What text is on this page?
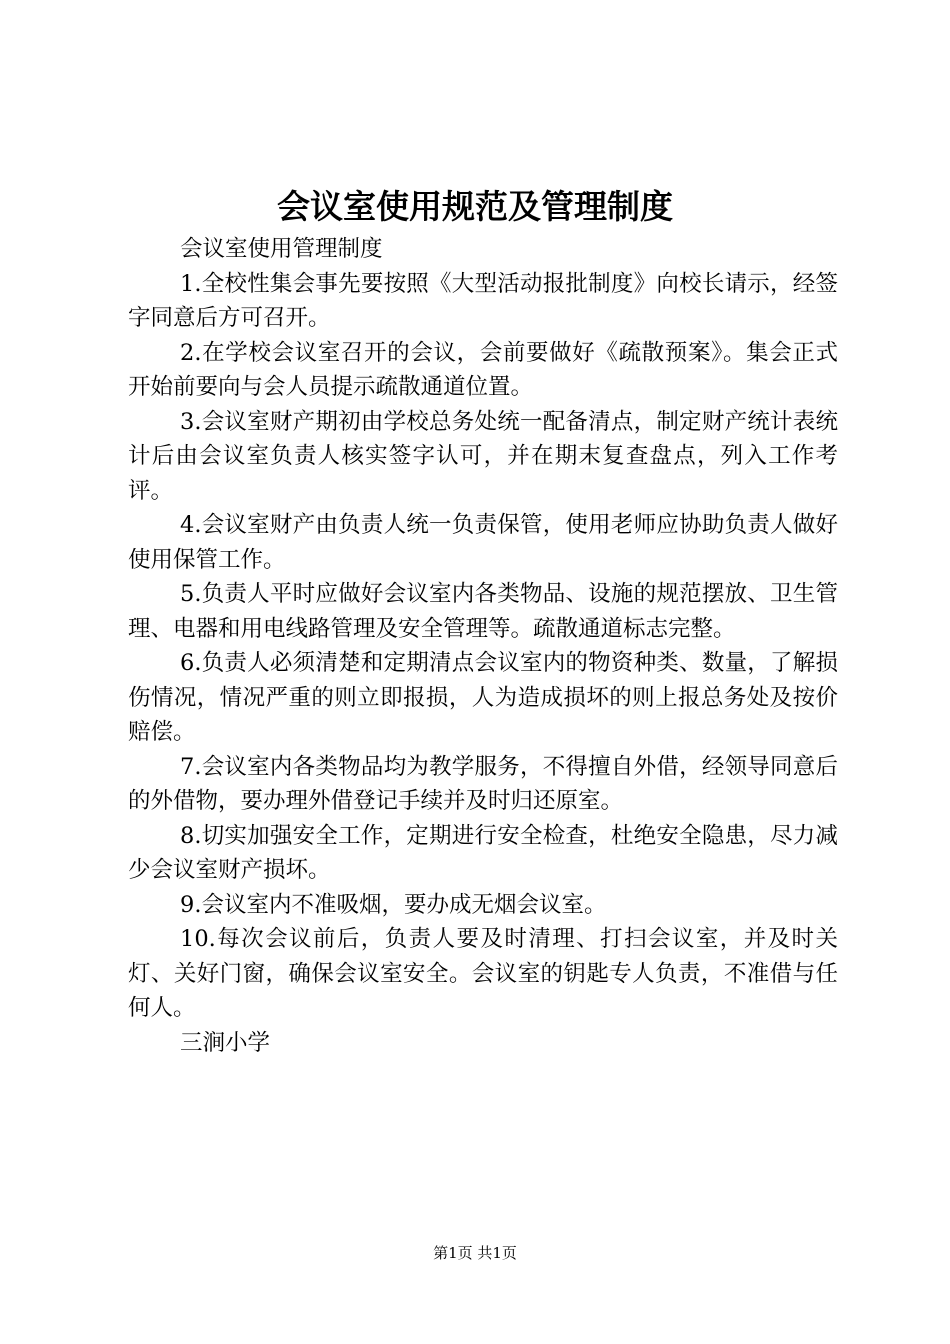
会议室使用规范及管理制度

会议室使用管理制度

1.全校性集会事先要按照《大型活动报批制度》向校长请示，经签字同意后方可召开。

2.在学校会议室召开的会议，会前要做好《疏散预案》。集会正式开始前要向与会人员提示疏散通道位置。

3.会议室财产期初由学校总务处统一配备清点，制定财产统计表统计后由会议室负责人核实签字认可，并在期末复查盘点，列入工作考评。

4.会议室财产由负责人统一负责保管，使用老师应协助负责人做好使用保管工作。

5.负责人平时应做好会议室内各类物品、设施的规范摆放、卫生管理、电器和用电线路管理及安全管理等。疏散通道标志完整。

6.负责人必须清楚和定期清点会议室内的物资种类、数量，了解损伤情况，情况严重的则立即报损，人为造成损坏的则上报总务处及按价赔偿。

7.会议室内各类物品均为教学服务，不得擅自外借，经领导同意后的外借物，要办理外借登记手续并及时归还原室。

8.切实加强安全工作，定期进行安全检查，杜绝安全隐患，尽力减少会议室财产损坏。

9.会议室内不准吸烟，要办成无烟会议室。

10.每次会议前后，负责人要及时清理、打扫会议室，并及时关灯、关好门窗，确保会议室安全。会议室的钥匙专人负责，不准借与任何人。

三涧小学

第1页 共1页
